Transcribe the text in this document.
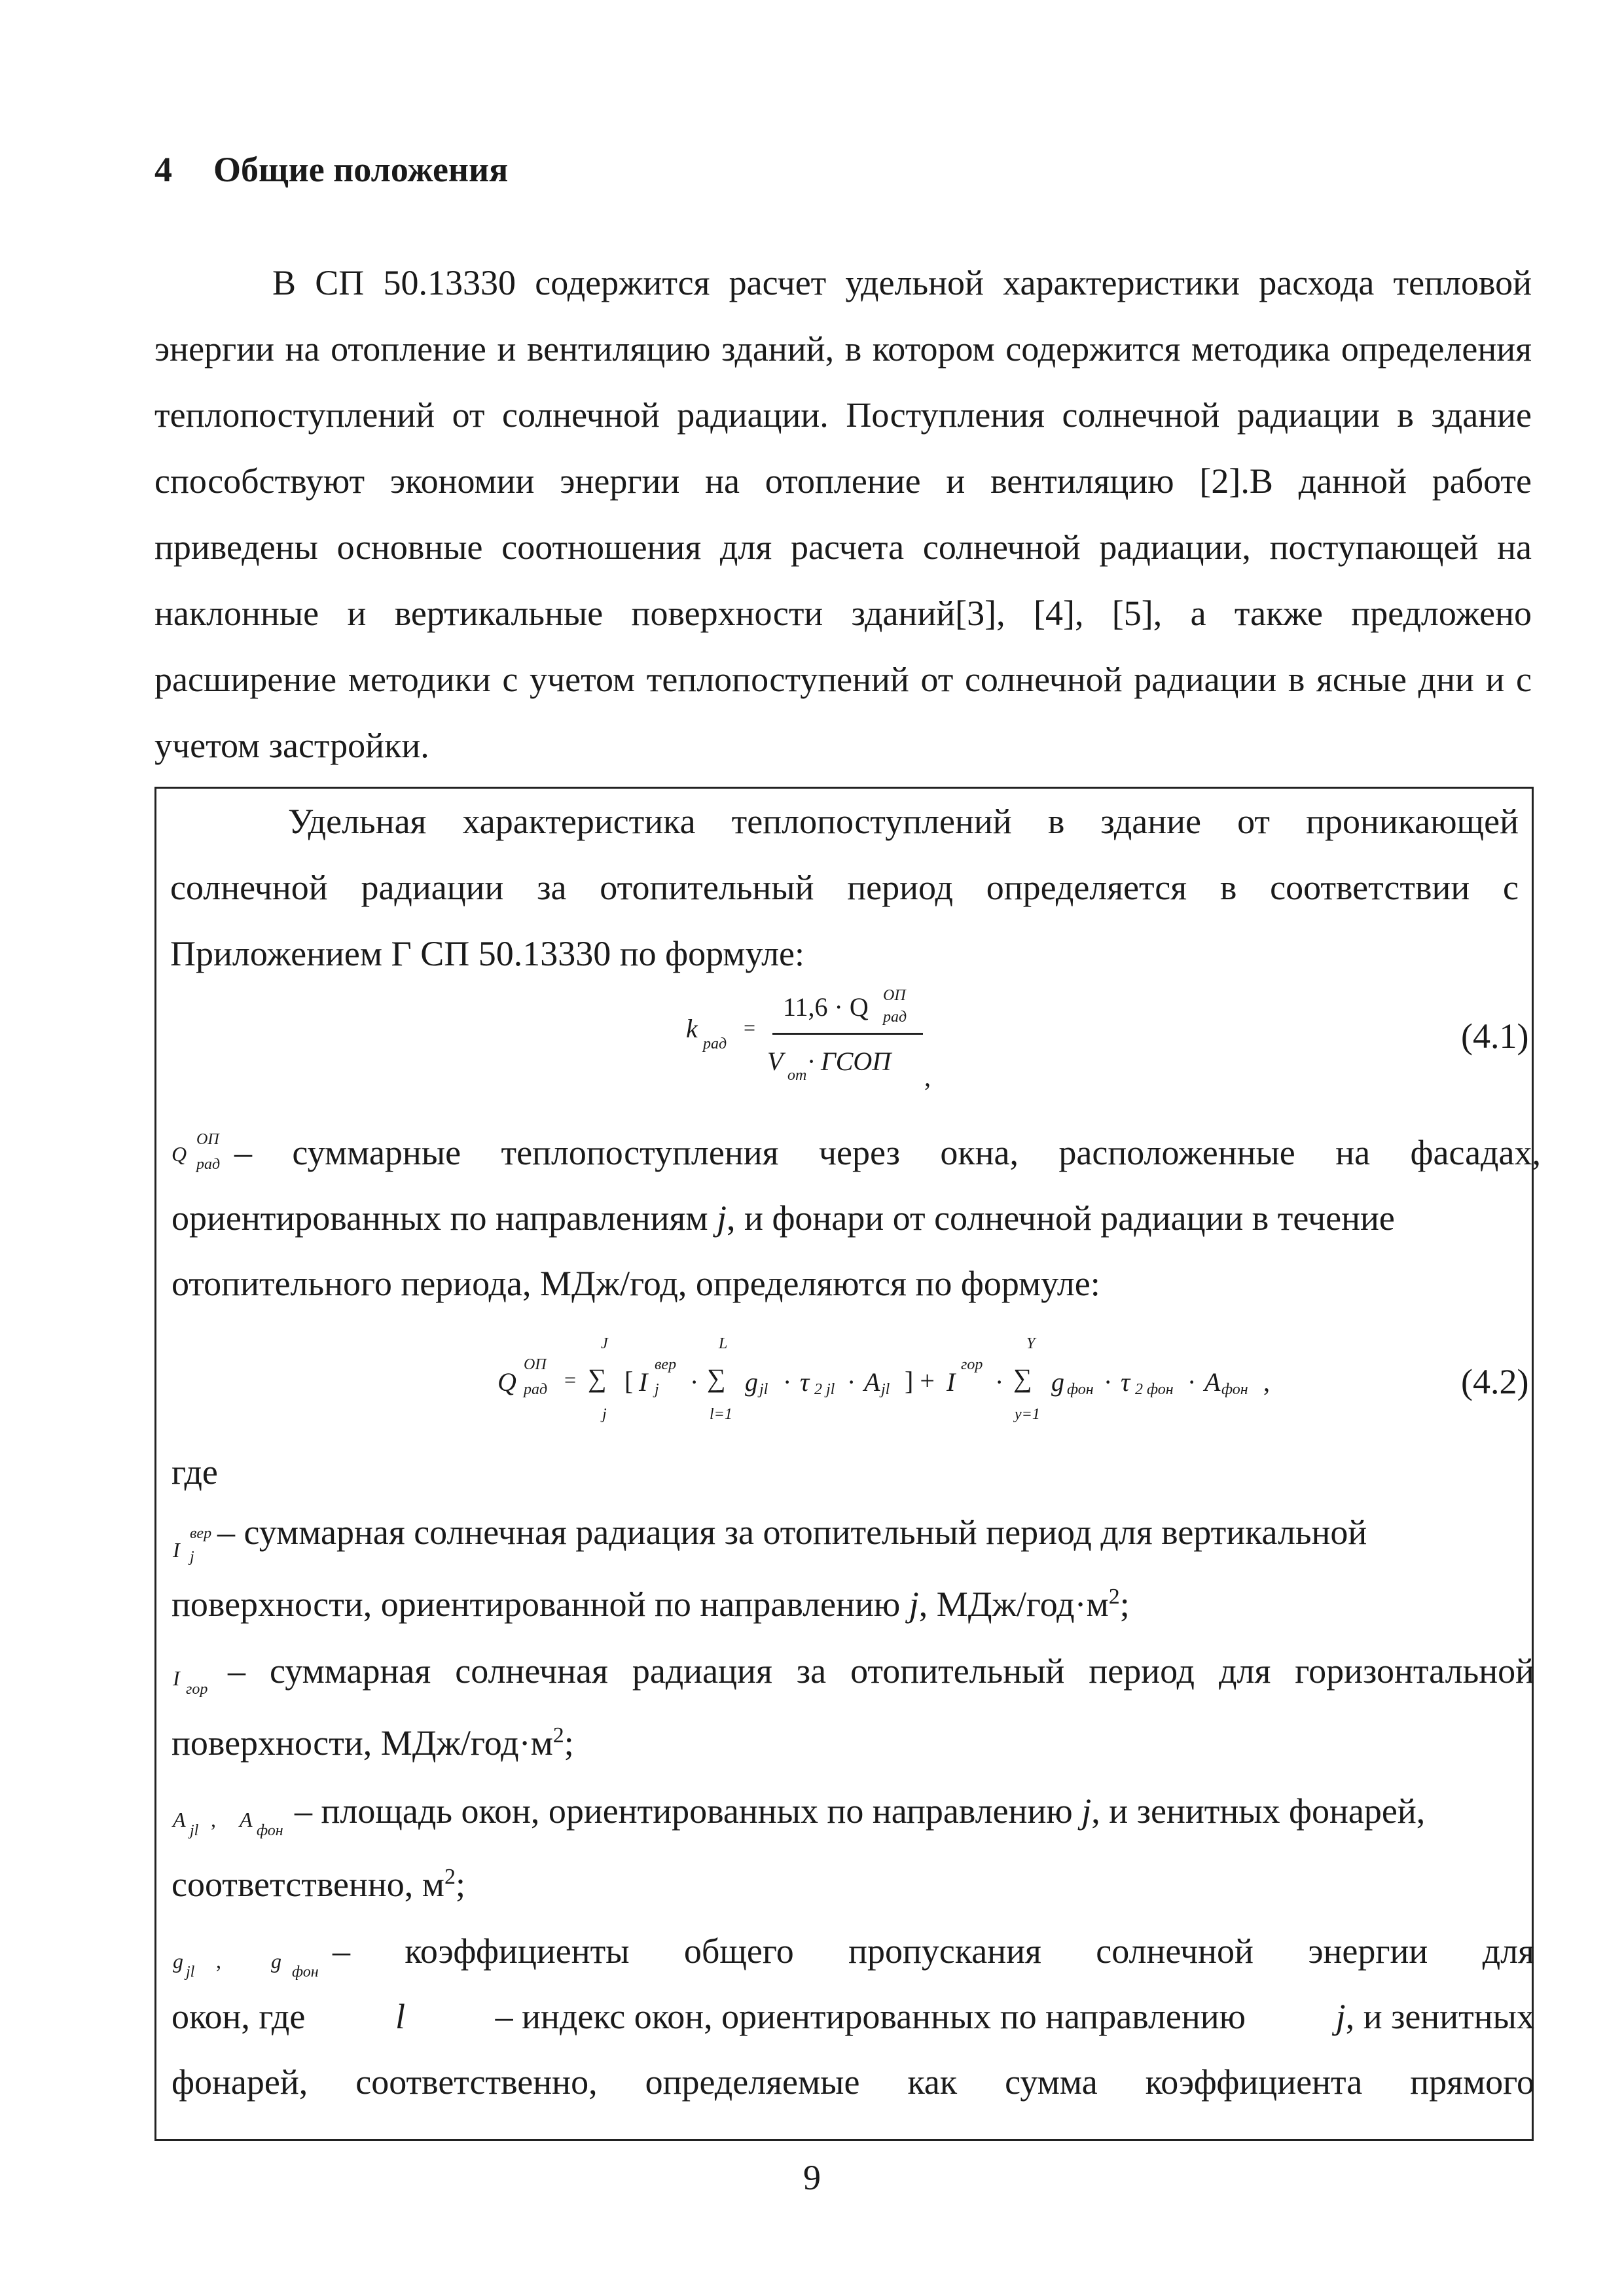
4 Общие положения

В СП 50.13330 содержится расчет удельной характеристики расхода тепловой энергии на отопление и вентиляцию зданий, в котором содержится методика определения теплопоступлений от солнечной радиации. Поступления солнечной радиации в здание способствуют экономии энергии на отопление и вентиляцию [2].В данной работе приведены основные соотношения для расчета солнечной радиации, поступающей на наклонные и вертикальные поверхности зданий[3], [4], [5], а также предложено расширение методики с учетом теплопоступений от солнечной радиации в ясные дни и с учетом застройки.

Удельная характеристика теплопоступлений в здание от проникающей солнечной радиации за отопительный период определяется в соответствии с Приложением Г СП 50.13330 по формуле:

k
рад
=
11,6 · Q ОП
рад
V от · ГСОП
,
(4.1)
Q
ОП
рад – суммарные теплопоступления через окна, расположенные на фасадах,
ориентированных по направлениям j, и фонари от солнечной радиации в течение
отопительного периода, МДж/год, определяются по формуле:
Q
ОП
рад =
J
∑
j
[ I
вер
j ·
L
∑
l=1
g jl · τ 2 jl · A jl ] + I
гор
·
Y
∑
y=1
g фон · τ 2 фон · A фон ,	(4.2)
где
I
вер
j
– суммарная солнечная радиация за отопительный период для вертикальной
поверхности, ориентированной по направлению j, МДж/$год\cdot м^2$;
I гор – суммарная солнечная радиация за отопительный период для горизонтальной
поверхности, МДж/$год\cdot м^2$;
A jl , A фон – площадь окон, ориентированных по направлению j, и зенитных фонарей,
соответственно, $м^2$;
g jl , g фон
– коэффициенты общего пропускания солнечной энергии для
окон, где	l	– индекс окон, ориентированных по направлению	j, и зенитных
фонарей, соответственно, определяемые как сумма коэффициента прямого
9
